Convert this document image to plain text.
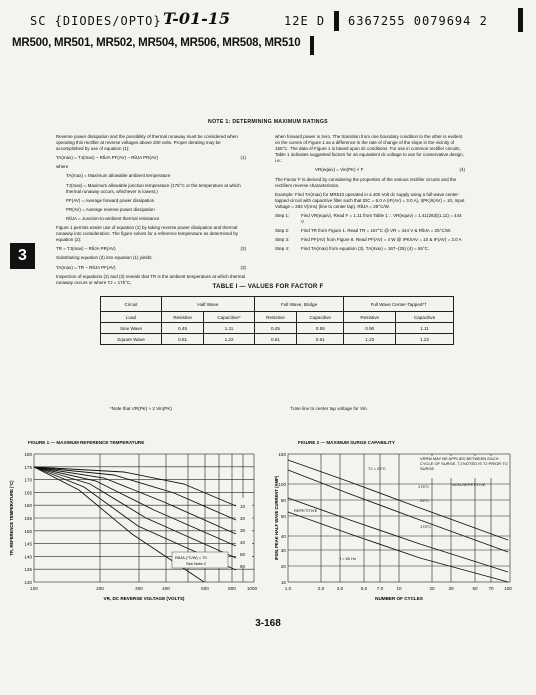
SC {DIODES/OPTO} T-01-15	12E D 6367255 0079694 2
MR500, MR501, MR502, MR504, MR506, MR508, MR510
NOTE 1: DETERMINING MAXIMUM RATINGS

Reverse power dissipation and the possibility of thermal runaway must be considered when operating this rectifier at reverse voltages above 200 volts. Proper derating may be accomplished by use of equation (1):

TA(max) = TJ(max) − RθJA PF(AV) − RθJA PR(AV)	(1)

where

TA(max) = Maximum allowable ambient temperature

TJ(max) = Maximum allowable junction temperature (175°C or the temperature at which thermal runaway occurs, whichever is lowest.)

PF(AV) = Average forward power dissipation

PR(AV) = Average reverse power dissipation

RθJA = Junction-to-ambient thermal resistance

Figure 1 permits easier use of equation (1) by taking reverse power dissipation and thermal runaway into consideration. The figure solves for a reference temperature as determined by equation (2):

TR = TJ(max) − RθJA PR(AV)	(2)

Substituting equation (2) into equation (1) yields:

TA(max) = TR − RθJA PF(AV)	(3)

Inspection of equations (2) and (3) reveals that TR is the ambient temperature at which thermal runaway occurs or where TJ = 175°C,

when forward power is zero. The transition from one boundary condition to the other is evident on the curves of Figure 1 as a difference in the rate of change of the slope in the vicinity of 165°C. The data of Figure 1 is based upon dc conditions. For use in common rectifier circuits, Table 1 indicates suggested factors for an equivalent dc voltage to use for conservative design, i.e.:

VR(equiv) = Vin(PK) × F	(4)

The Factor F is derived by considering the properties of the various rectifier circuits and the rectifiers reverse characteristics.

Example: Find TA(max) for MR510 operated in a 400 Volt dc supply using a full-wave center-tapped circuit with capacitive filter such that IDC = 6.0 A (IF(AV) = 3.0 A), I(PK)/I(AV) = 10, Input Voltage = 283 V(rms) (line to center tap), RθJA = 25°C/W.

Step 1:	Find VR(equiv). Read F = 1.11 from Table 1 ∴ VR(equiv) = 1.41(283)(1.11) = 444 V
Step 2:	Find TR from Figure 1. Read TR = 167°C @ VR = 444 V & RθJA = 25°C/W.
Step 3:	Find PF(AV) from Figure 8. Read PF(AV) = 4 W @ IPK/IAV = 10 & IF(AV) = 3.0 A
Step 4:	Find TA(max) from equation (3). TA(max) = 167−(25) (4) = 65°C.
3
TABLE I — VALUES FOR FACTOR F
Circuit	Half Wave		Full Wave, Bridge		Full Wave Center-Tapped*†	
Load	Resistive	Capacitive*	Resistive	Capacitive	Resistive	Capacitive
Sine Wave	0.45	1.11	0.45	0.55	0.90	1.11
Square Wave	0.61	1.22	0.61	0.61	1.22	1.22
*Note that VR(PK) ≈ 2 Vin(PK)	†Use line to center tap voltage for Vin.
FIGURE 1 — MAXIMUM REFERENCE TEMPERATURE	FIGURE 2 — MAXIMUM SURGE CAPABILITY
10
20
30
40
50
60
RθJA (°C/W) = 70
See Note 2
180
175
170
165
160
155
150
145
140
135
130
100	200	300	400	600	800 1000
VR, DC REVERSE VOLTAGE (VOLTS)
TR, REFERENCE TEMPERATURE (°C)
VRRM MAY BE APPLIED BETWEEN EACH CYCLE OF SURGE. TJ NOTED IS TJ PRIOR TO SURGE
TJ = 25°C
175°C	NON-REPETITIVE
REPETITIVE
25°C
175°C
f = 60 Hz
150
100
80
60
40
30
20
15
1.0	2.0	3.0	5.0 7.0	10	20	30	50 70 100
NUMBER OF CYCLES
IFSM, PEAK HALF WAVE CURRENT (AMP)
3-168
